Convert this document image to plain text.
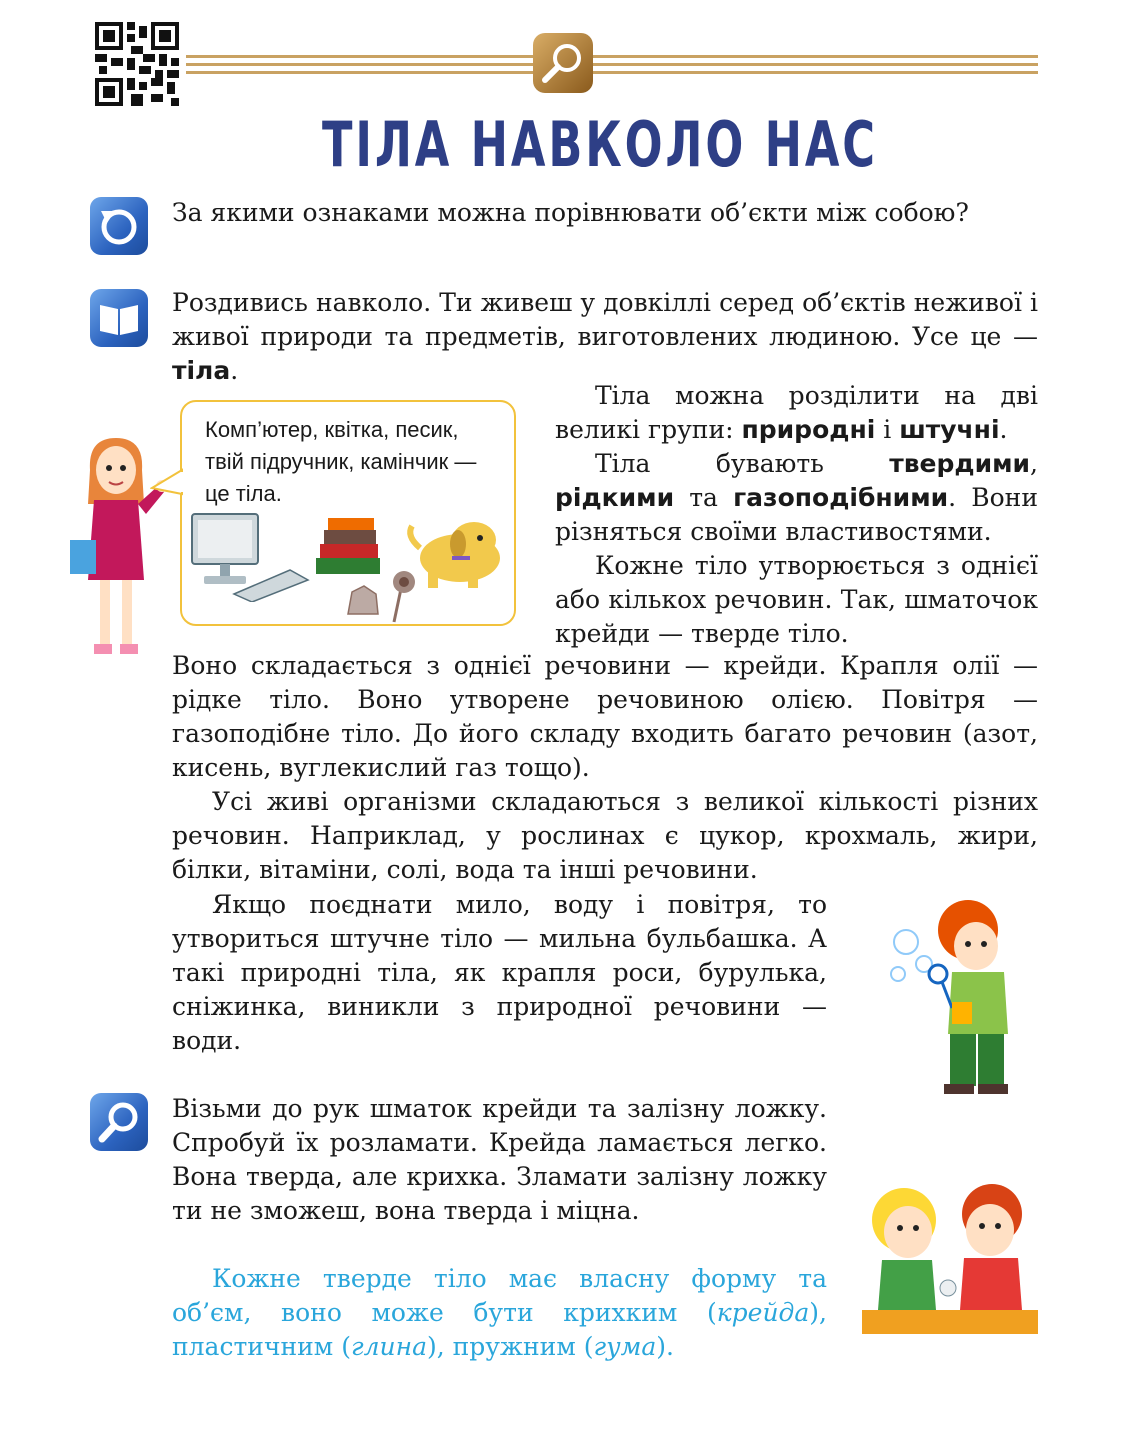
ТІЛА НАВКОЛО НАС
За якими ознаками можна порівнювати об’єкти між собою?
Роздивись навколо. Ти живеш у довкіллі серед об’єктів неживої і живої природи та предметів, виготовлених людиною. Усе це — тіла.
Комп’ютер, квітка, песик, твій підручник, камінчик — це тіла.
Тіла можна розділити на дві великі групи: природні і штучні.
Тіла бувають твердими, рідкими та газоподібними. Вони різняться своїми властивостями.
Кожне тіло утворюється з однієї або кількох речовин. Так, шматочок крейди — тверде тіло.
Воно складається з однієї речовини — крейди. Крапля олії — рідке тіло. Воно утворене речовиною олією. Повітря — газоподібне тіло. До його складу входить багато речовин (азот, кисень, вуглекислий газ тощо).
Усі живі організми складаються з великої кількості різних речовин. Наприклад, у рослинах є цукор, крохмаль, жири, білки, вітаміни, солі, вода та інші речовини.
Якщо поєднати мило, воду і повітря, то утвориться штучне тіло — мильна бульбашка. А такі природні тіла, як крапля роси, бурулька, сніжинка, виникли з природної речовини — води.
Візьми до рук шматок крейди та залізну ложку. Спробуй їх розламати. Крейда ламається легко. Вона тверда, але крихка. Зламати залізну ложку ти не зможеш, вона тверда і міцна.
Кожне тверде тіло має власну форму та об’єм, воно може бути крихким (крейда), пластичним (глина), пружним (гума).
